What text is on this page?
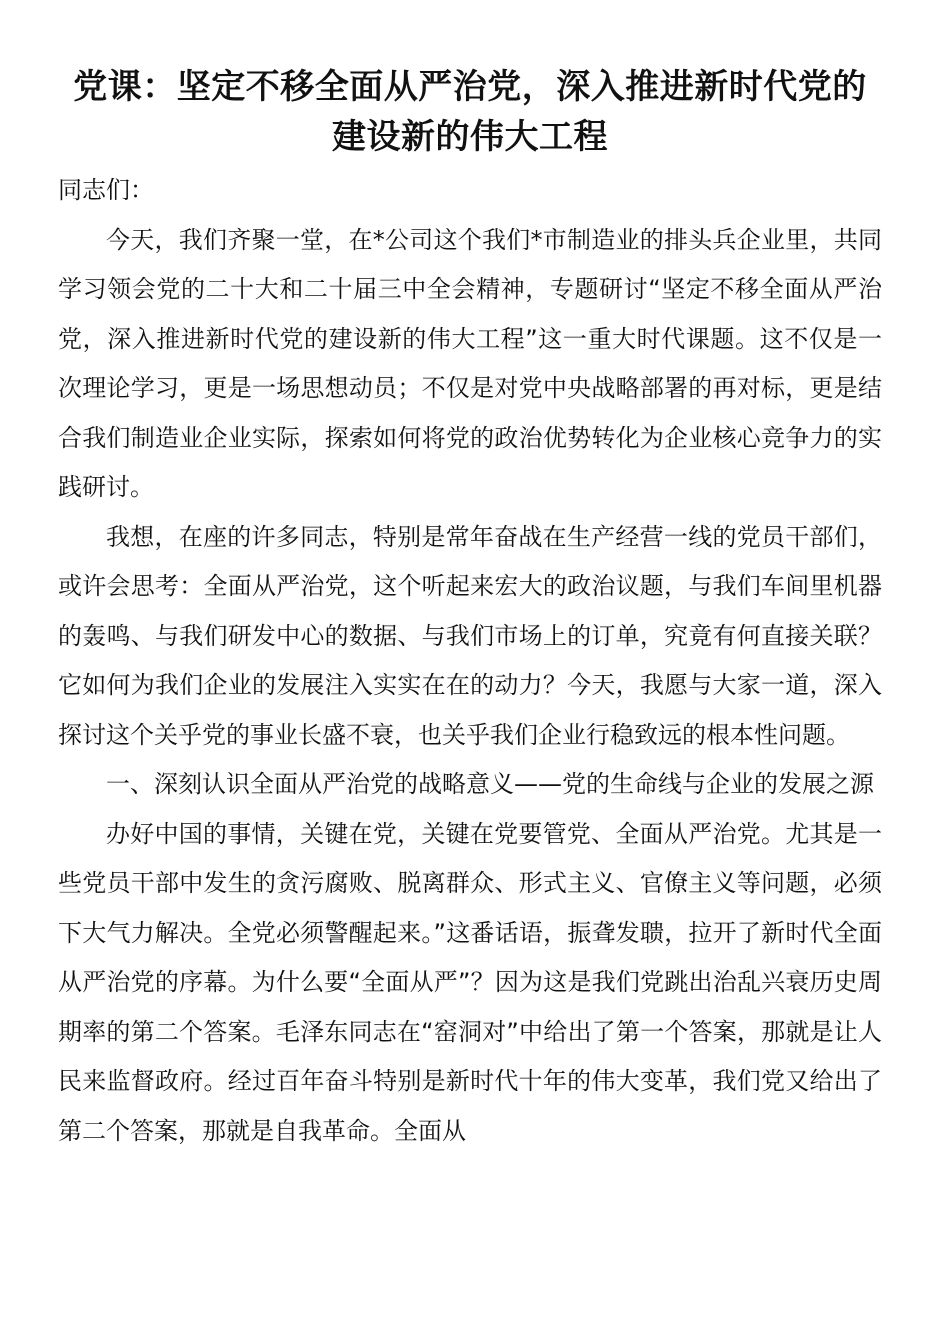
党课：坚定不移全面从严治党，深入推进新时代党的建设新的伟大工程

同志们：

今天，我们齐聚一堂，在*公司这个我们*市制造业的排头兵企业里，共同学习领会党的二十大和二十届三中全会精神，专题研讨“坚定不移全面从严治党，深入推进新时代党的建设新的伟大工程”这一重大时代课题。这不仅是一次理论学习，更是一场思想动员；不仅是对党中央战略部署的再对标，更是结合我们制造业企业实际，探索如何将党的政治优势转化为企业核心竞争力的实践研讨。

我想，在座的许多同志，特别是常年奋战在生产经营一线的党员干部们，或许会思考：全面从严治党，这个听起来宏大的政治议题，与我们车间里机器的轰鸣、与我们研发中心的数据、与我们市场上的订单，究竟有何直接关联？它如何为我们企业的发展注入实实在在的动力？今天，我愿与大家一道，深入探讨这个关乎党的事业长盛不衰，也关乎我们企业行稳致远的根本性问题。

一、深刻认识全面从严治党的战略意义——党的生命线与企业的发展之源

办好中国的事情，关键在党，关键在党要管党、全面从严治党。尤其是一些党员干部中发生的贪污腐败、脱离群众、形式主义、官僚主义等问题，必须下大气力解决。全党必须警醒起来。”这番话语，振聋发聩，拉开了新时代全面从严治党的序幕。为什么要“全面从严”？因为这是我们党跳出治乱兴衰历史周期率的第二个答案。毛泽东同志在“窑洞对”中给出了第一个答案，那就是让人民来监督政府。经过百年奋斗特别是新时代十年的伟大变革，我们党又给出了第二个答案，那就是自我革命。全面从
